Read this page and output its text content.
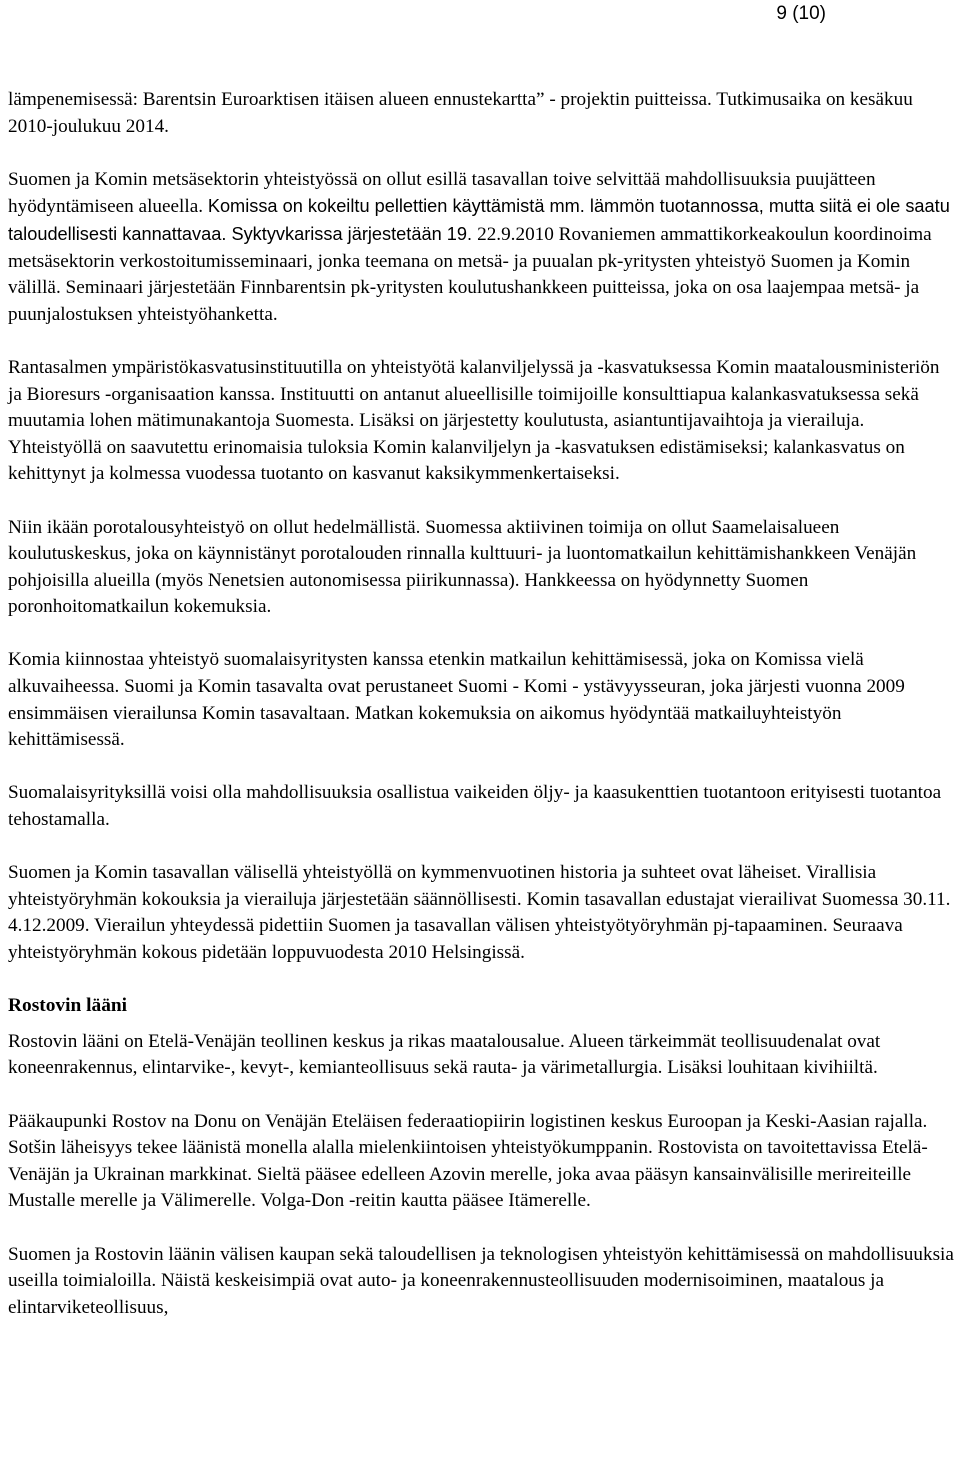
9 (10)

lämpenemisessä: Barentsin Euroarktisen itäisen alueen ennustekartta” - projektin puitteissa. Tutkimusaika on kesäkuu 2010-joulukuu 2014.

Suomen ja Komin metsäsektorin yhteistyössä on ollut esillä tasavallan toive selvittää mahdollisuuksia puujätteen hyödyntämiseen alueella. Komissa on kokeiltu pellettien käyttämistä mm. lämmön tuotannossa, mutta siitä ei ole saatu taloudellisesti kannattavaa. Syktyvkarissa järjestetään 19. 22.9.2010 Rovaniemen ammattikorkeakoulun koordinoima metsäsektorin verkostoitumisseminaari, jonka teemana on metsä- ja puualan pk-yritysten yhteistyö Suomen ja Komin välillä. Seminaari järjestetään Finnbarentsin pk-yritysten koulutushankkeen puitteissa, joka on osa laajempaa metsä- ja puunjalostuksen yhteistyöhanketta.

Rantasalmen ympäristökasvatusinstituutilla on yhteistyötä kalanviljelyssä ja -kasvatuksessa Komin maatalousministeriön ja Bioresurs -organisaation kanssa. Instituutti on antanut alueellisille toimijoille konsulttiapua kalankasvatuksessa sekä muutamia lohen mätimunakantoja Suomesta. Lisäksi on järjestetty koulutusta, asiantuntijavaihtoja ja vierailuja. Yhteistyöllä on saavutettu erinomaisia tuloksia Komin kalanviljelyn ja -kasvatuksen edistämiseksi; kalankasvatus on kehittynyt ja kolmessa vuodessa tuotanto on kasvanut kaksikymmenkertaiseksi.

Niin ikään porotalousyhteistyö on ollut hedelmällistä. Suomessa aktiivinen toimija on ollut Saamelaisalueen koulutuskeskus, joka on käynnistänyt porotalouden rinnalla kulttuuri- ja luontomatkailun kehittämishankkeen Venäjän pohjoisilla alueilla (myös Nenetsien autonomisessa piirikunnassa). Hankkeessa on hyödynnetty Suomen poronhoitomatkailun kokemuksia.

Komia kiinnostaa yhteistyö suomalaisyritysten kanssa etenkin matkailun kehittämisessä, joka on Komissa vielä alkuvaiheessa. Suomi ja Komin tasavalta ovat perustaneet Suomi - Komi - ystävyysseuran, joka järjesti vuonna 2009 ensimmäisen vierailunsa Komin tasavaltaan. Matkan kokemuksia on aikomus hyödyntää matkailuyhteistyön kehittämisessä.

Suomalaisyrityksillä voisi olla mahdollisuuksia osallistua vaikeiden öljy- ja kaasukenttien tuotantoon erityisesti tuotantoa tehostamalla.

Suomen ja Komin tasavallan välisellä yhteistyöllä on kymmenvuotinen historia ja suhteet ovat läheiset. Virallisia yhteistyöryhmän kokouksia ja vierailuja järjestetään säännöllisesti. Komin tasavallan edustajat vierailivat Suomessa 30.11. 4.12.2009. Vierailun yhteydessä pidettiin Suomen ja tasavallan välisen yhteistyötyöryhmän pj-tapaaminen. Seuraava yhteistyöryhmän kokous pidetään loppuvuodesta 2010 Helsingissä.

Rostovin lääni

Rostovin lääni on Etelä-Venäjän teollinen keskus ja rikas maatalousalue. Alueen tärkeimmät teollisuudenalat ovat koneenrakennus, elintarvike-, kevyt-, kemianteollisuus sekä rauta- ja värimetallurgia. Lisäksi louhitaan kivihiiltä.

Pääkaupunki Rostov na Donu on Venäjän Eteläisen federaatiopiirin logistinen keskus Euroopan ja Keski-Aasian rajalla. Sotšin läheisyys tekee läänistä monella alalla mielenkiintoisen yhteistyökumppanin. Rostovista on tavoitettavissa Etelä-Venäjän ja Ukrainan markkinat. Sieltä pääsee edelleen Azovin merelle, joka avaa pääsyn kansainvälisille merireiteille Mustalle merelle ja Välimerelle. Volga-Don -reitin kautta pääsee Itämerelle.

Suomen ja Rostovin läänin välisen kaupan sekä taloudellisen ja teknologisen yhteistyön kehittämisessä on mahdollisuuksia useilla toimialoilla. Näistä keskeisimpiä ovat auto- ja koneenrakennusteollisuuden modernisoiminen, maatalous ja elintarviketeollisuus,
